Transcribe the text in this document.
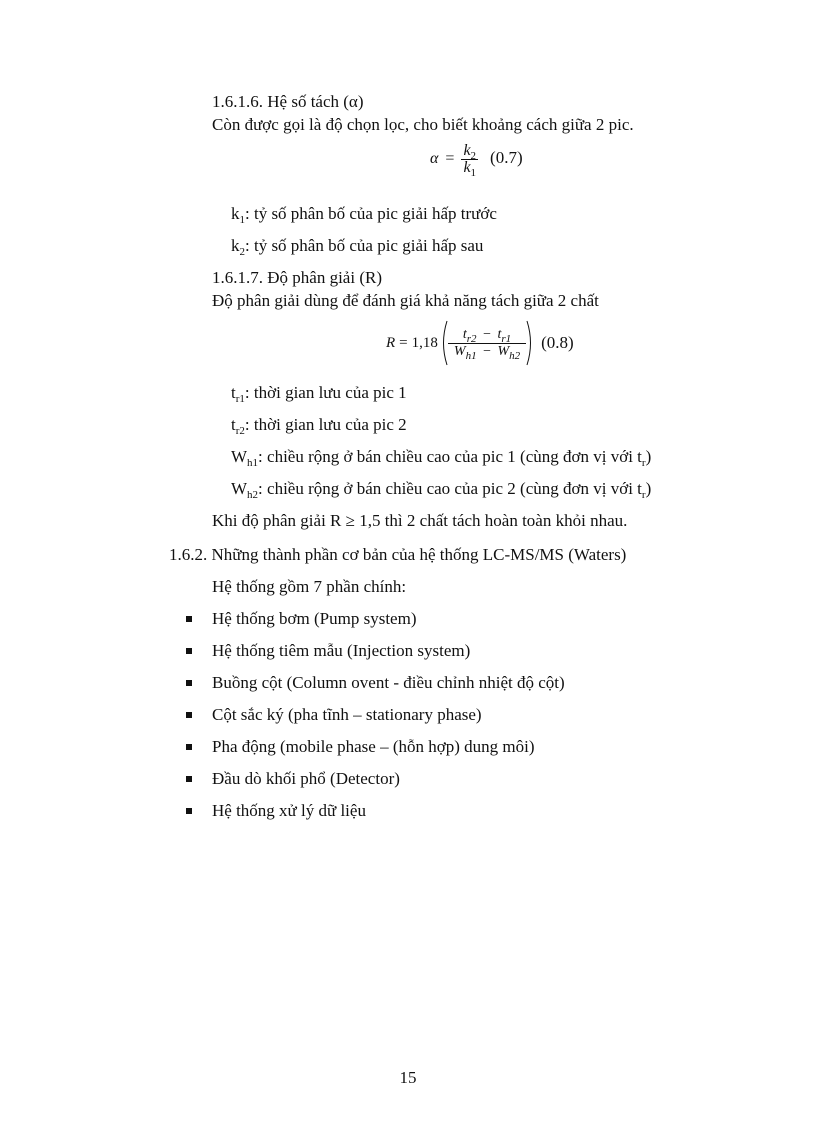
1.6.1.6. Hệ số tách (α)
Còn được gọi là độ chọn lọc, cho biết khoảng cách giữa 2 pic.
$\alpha = \frac{k_2}{k_1} (0.7)$
$k_1$: tỷ số phân bố của pic giải hấp trước
$k_2$: tỷ số phân bố của pic giải hấp sau
1.6.1.7. Độ phân giải (R)
Độ phân giải dùng để đánh giá khả năng tách giữa 2 chất
$R = 1,18 \frac{t_{r2} - t_{r1}}{W_{h1} - W_{h2}} (0.8)$
$t_{r1}$: thời gian lưu của pic 1
$t_{r2}$: thời gian lưu của pic 2
$W_{h1}$: chiều rộng ở bán chiều cao của pic 1 (cùng đơn vị với $t_r$)
$W_{h2}$: chiều rộng ở bán chiều cao của pic 2 (cùng đơn vị với $t_r$)
Khi độ phân giải R ≥ 1,5 thì 2 chất tách hoàn toàn khỏi nhau.
1.6.2. Những thành phần cơ bản của hệ thống LC-MS/MS (Waters)
Hệ thống gồm 7 phần chính:
Hệ thống bơm (Pump system)
Hệ thống tiêm mẫu (Injection system)
Buồng cột (Column ovent - điều chỉnh nhiệt độ cột)
Cột sắc ký (pha tĩnh – stationary phase)
Pha động (mobile phase – (hỗn hợp) dung môi)
Đầu dò khối phổ (Detector)
Hệ thống xử lý dữ liệu
15
